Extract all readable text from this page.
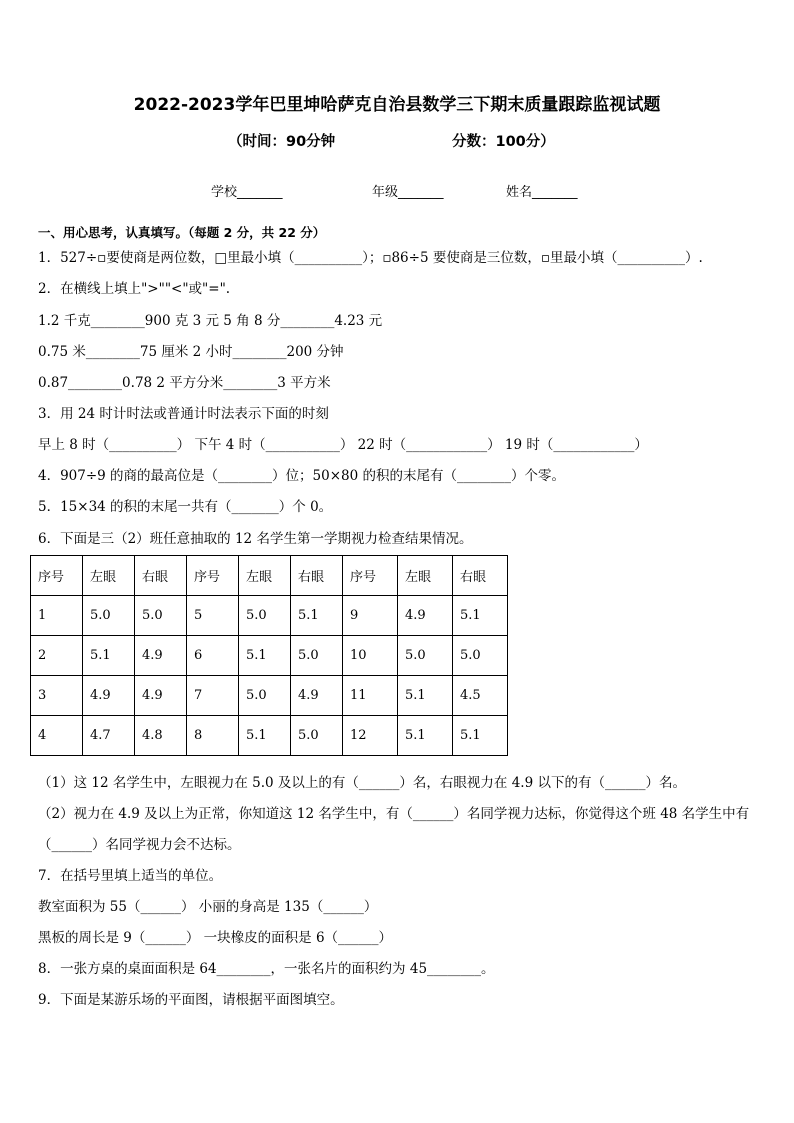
2022-2023学年巴里坤哈萨克自治县数学三下期末质量跟踪监视试题
（时间：90分钟	分数：100分）
学校_______	年级_______	姓名_______
一、用心思考，认真填写。（每题 2 分，共 22 分）
1．527÷▫要使商是两位数，□里最小填（__________）；▫86÷5 要使商是三位数，▫里最小填（__________）.
2．在横线上填上">""<"或"=".
1.2 千克________900 克 3 元 5 角 8 分________4.23 元
0.75 米________75 厘米 2 小时________200 分钟
0.87________0.78 2 平方分米________3 平方米
3．用 24 时计时法或普通计时法表示下面的时刻
早上 8 时（__________） 下午 4 时（___________） 22 时（____________） 19 时（____________）
4．907÷9 的商的最高位是（________）位；50×80 的积的末尾有（________）个零。
5．15×34 的积的末尾一共有（_______）个 0。
6．下面是三（2）班任意抽取的 12 名学生第一学期视力检查结果情况。
序号	左眼	右眼	序号	左眼	右眼	序号	左眼	右眼
1	5.0	5.0	5	5.0	5.1	9	4.9	5.1
2	5.1	4.9	6	5.1	5.0	10	5.0	5.0
3	4.9	4.9	7	5.0	4.9	11	5.1	4.5
4	4.7	4.8	8	5.1	5.0	12	5.1	5.1
（1）这 12 名学生中，左眼视力在 5.0 及以上的有（______）名，右眼视力在 4.9 以下的有（______）名。
（2）视力在 4.9 及以上为正常，你知道这 12 名学生中，有（______）名同学视力达标，你觉得这个班 48 名学生中有
（______）名同学视力会不达标。
7．在括号里填上适当的单位。
教室面积为 55（______） 小丽的身高是 135（______）
黑板的周长是 9（______） 一块橡皮的面积是 6（______）
8．一张方桌的桌面面积是 64________，一张名片的面积约为 45________。
9．下面是某游乐场的平面图，请根据平面图填空。
